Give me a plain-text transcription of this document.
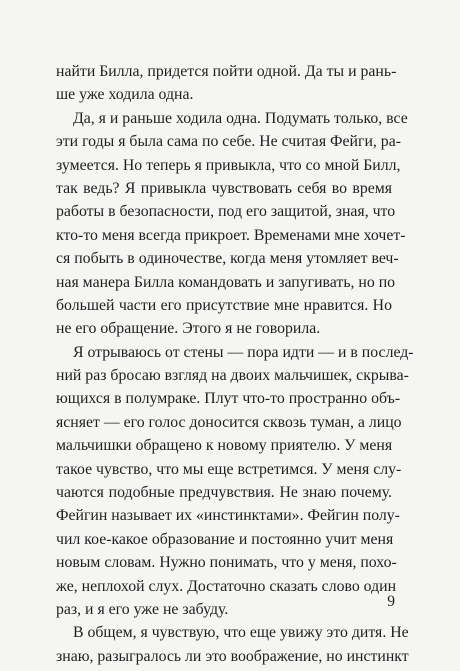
найти Билла, придется пойти одной. Да ты и рань-
ше уже ходила одна.
Да, я и раньше ходила одна. Подумать только, все
эти годы я была сама по себе. Не считая Фейги, ра-
зумеется. Но теперь я привыкла, что со мной Билл,
так ведь? Я привыкла чувствовать себя во время
работы в безопасности, под его защитой, зная, что
кто-то меня всегда прикроет. Временами мне хочет-
ся побыть в одиночестве, когда меня утомляет веч-
ная манера Билла командовать и запугивать, но по
большей части его присутствие мне нравится. Но
не его обращение. Этого я не говорила.
Я отрываюсь от стены — пора идти — и в послед-
ний раз бросаю взгляд на двоих мальчишек, скрыва-
ющихся в полумраке. Плут что-то пространно объ-
ясняет — его голос доносится сквозь туман, а лицо
мальчишки обращено к новому приятелю. У меня
такое чувство, что мы еще встретимся. У меня слу-
чаются подобные предчувствия. Не знаю почему.
Фейгин называет их «инстинктами». Фейгин полу-
чил кое-какое образование и постоянно учит меня
новым словам. Нужно понимать, что у меня, похо-
же, неплохой слух. Достаточно сказать слово один
раз, и я его уже не забуду.
В общем, я чувствую, что еще увижу это дитя. Не
знаю, разыгралось ли это воображение, но инстинкт
9
